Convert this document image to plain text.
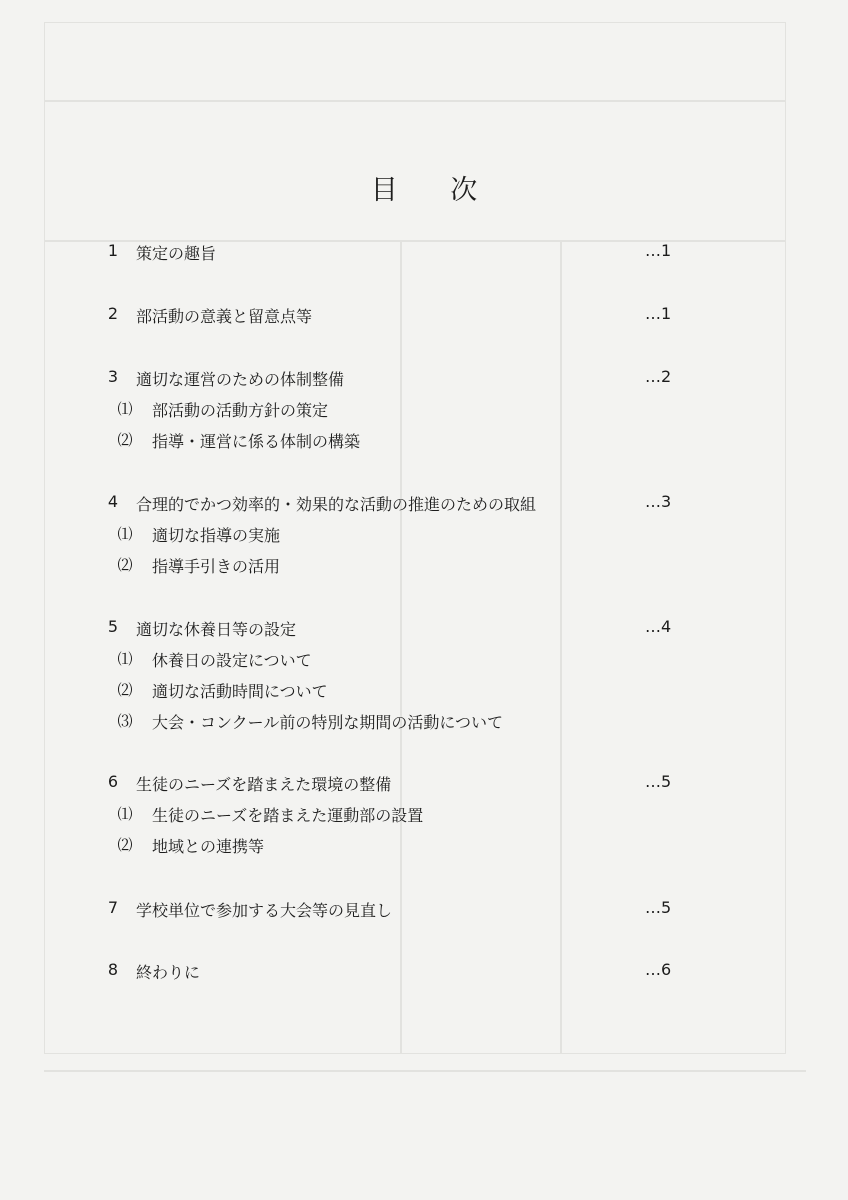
目 次
1	策定の趣旨	…1
2	部活動の意義と留意点等	…1
3	適切な運営のための体制整備	…2
⑴ 部活動の活動方針の策定
⑵ 指導・運営に係る体制の構築
4	合理的でかつ効率的・効果的な活動の推進のための取組	…3
⑴ 適切な指導の実施
⑵ 指導手引きの活用
5	適切な休養日等の設定	…4
⑴ 休養日の設定について
⑵ 適切な活動時間について
⑶ 大会・コンクール前の特別な期間の活動について
6	生徒のニーズを踏まえた環境の整備	…5
⑴ 生徒のニーズを踏まえた運動部の設置
⑵ 地域との連携等
7	学校単位で参加する大会等の見直し	…5
8	終わりに	…6
